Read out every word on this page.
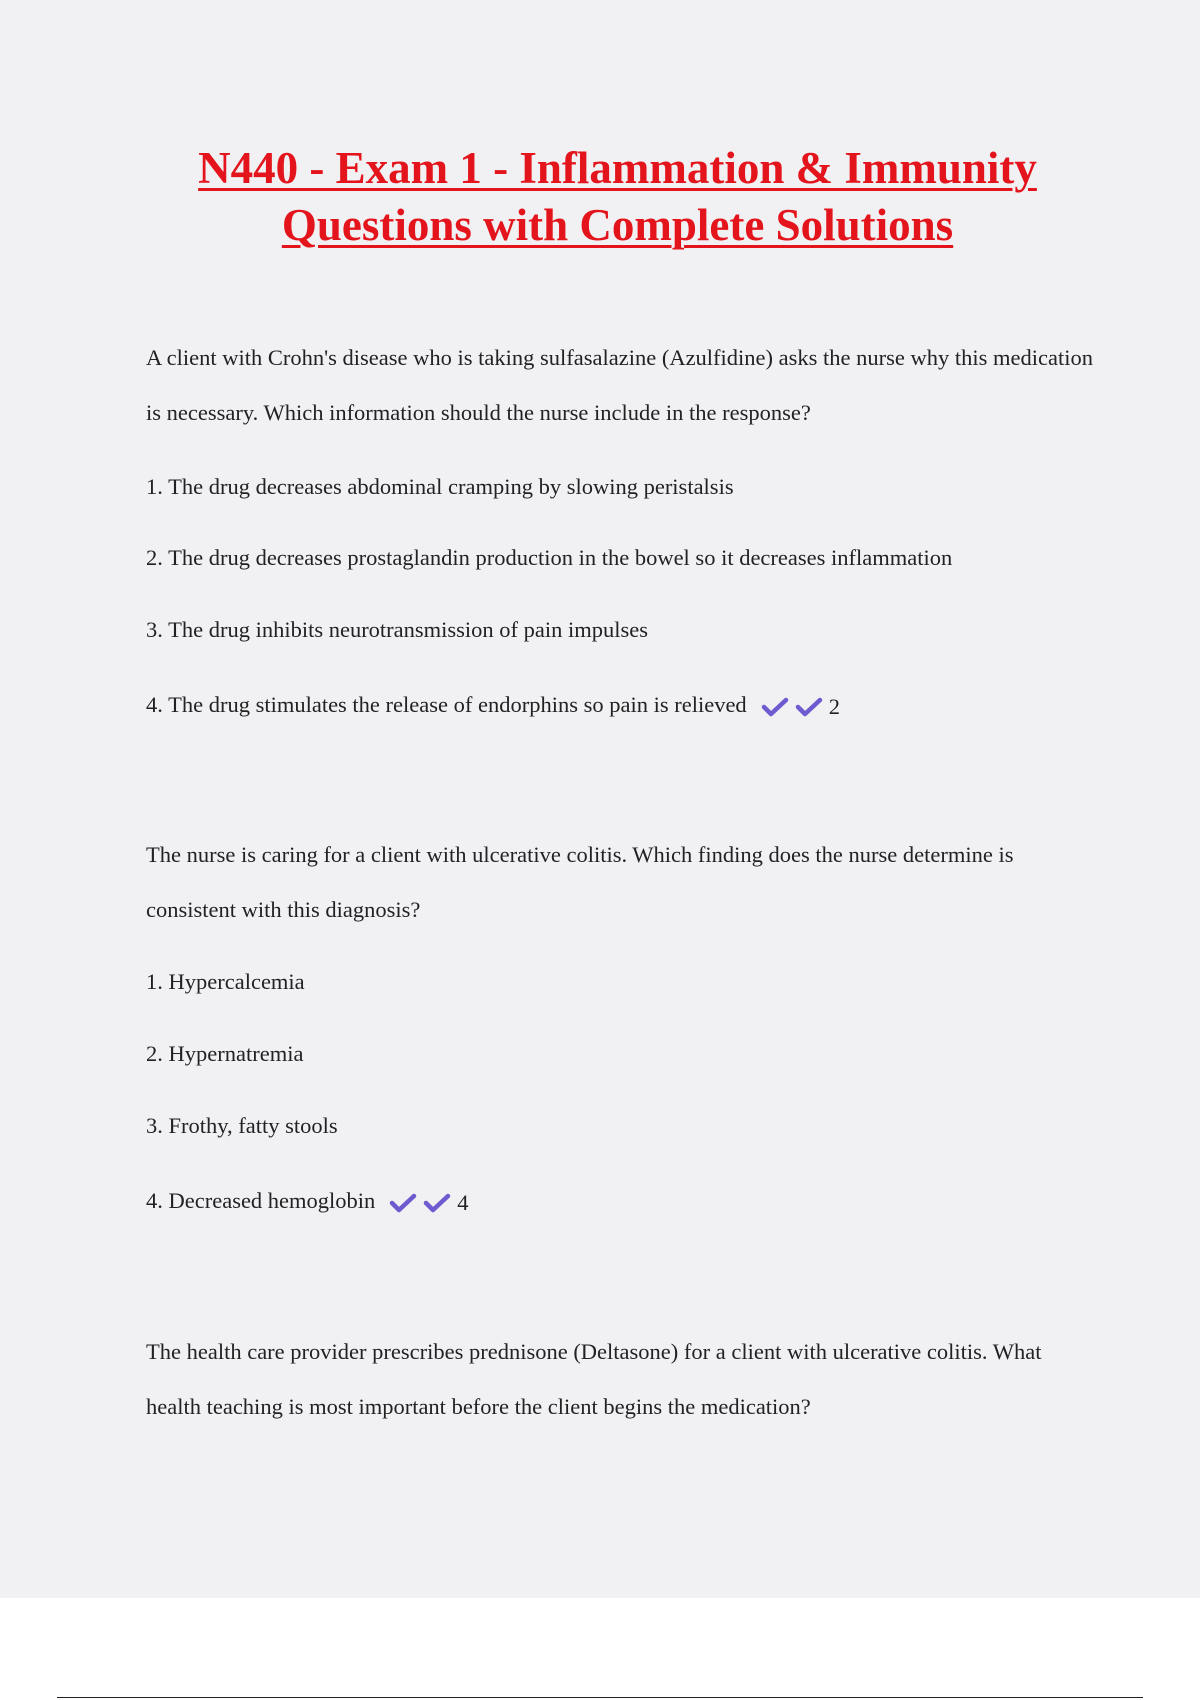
N440 - Exam 1 - Inflammation & Immunity
Questions with Complete Solutions

A client with Crohn's disease who is taking sulfasalazine (Azulfidine) asks the nurse why this medication is necessary. Which information should the nurse include in the response?

1. The drug decreases abdominal cramping by slowing peristalsis

2. The drug decreases prostaglandin production in the bowel so it decreases inflammation

3. The drug inhibits neurotransmission of pain impulses

4. The drug stimulates the release of endorphins so pain is relieved	2

The nurse is caring for a client with ulcerative colitis. Which finding does the nurse determine is consistent with this diagnosis?

1. Hypercalcemia

2. Hypernatremia

3. Frothy, fatty stools

4. Decreased hemoglobin	4

The health care provider prescribes prednisone (Deltasone) for a client with ulcerative colitis. What health teaching is most important before the client begins the medication?
